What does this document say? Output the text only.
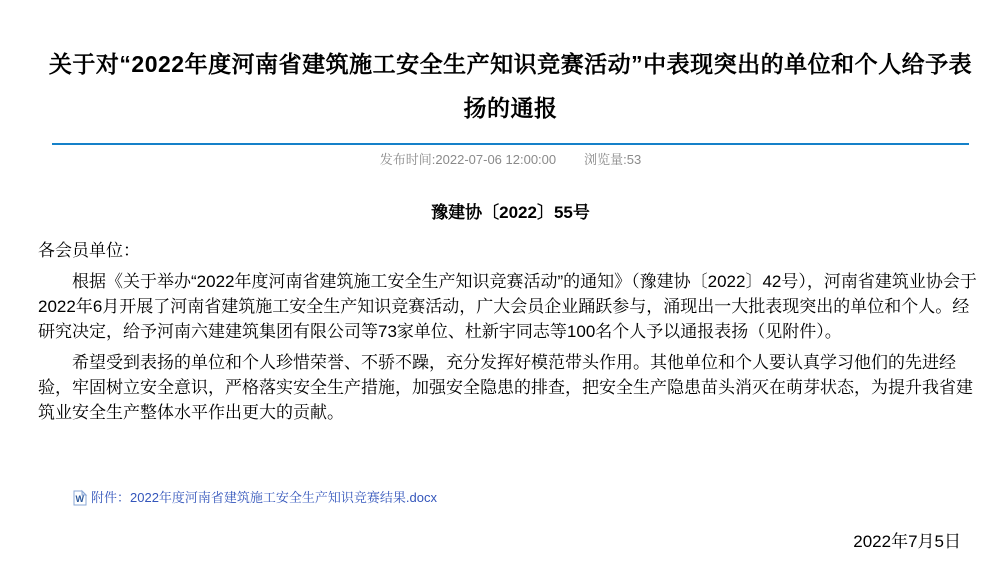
关于对“2022年度河南省建筑施工安全生产知识竞赛活动”中表现突出的单位和个人给予表
扬的通报
发布时间:2022-07-06 12:00:00 浏览量:53
豫建协〔2022〕55号

各会员单位：

根据《关于举办“2022年度河南省建筑施工安全生产知识竞赛活动”的通知》（豫建协〔2022〕42号），河南省建筑业协会于2022年6月开展了河南省建筑施工安全生产知识竞赛活动，广大会员企业踊跃参与，涌现出一大批表现突出的单位和个人。经研究决定，给予河南六建建筑集团有限公司等73家单位、杜新宇同志等100名个人予以通报表扬（见附件）。

希望受到表扬的单位和个人珍惜荣誉、不骄不躁，充分发挥好模范带头作用。其他单位和个人要认真学习他们的先进经验，牢固树立安全意识，严格落实安全生产措施，加强安全隐患的排查，把安全生产隐患苗头消灭在萌芽状态，为提升我省建筑业安全生产整体水平作出更大的贡献。

W 附件：2022年度河南省建筑施工安全生产知识竞赛结果.docx
2022年7月5日
